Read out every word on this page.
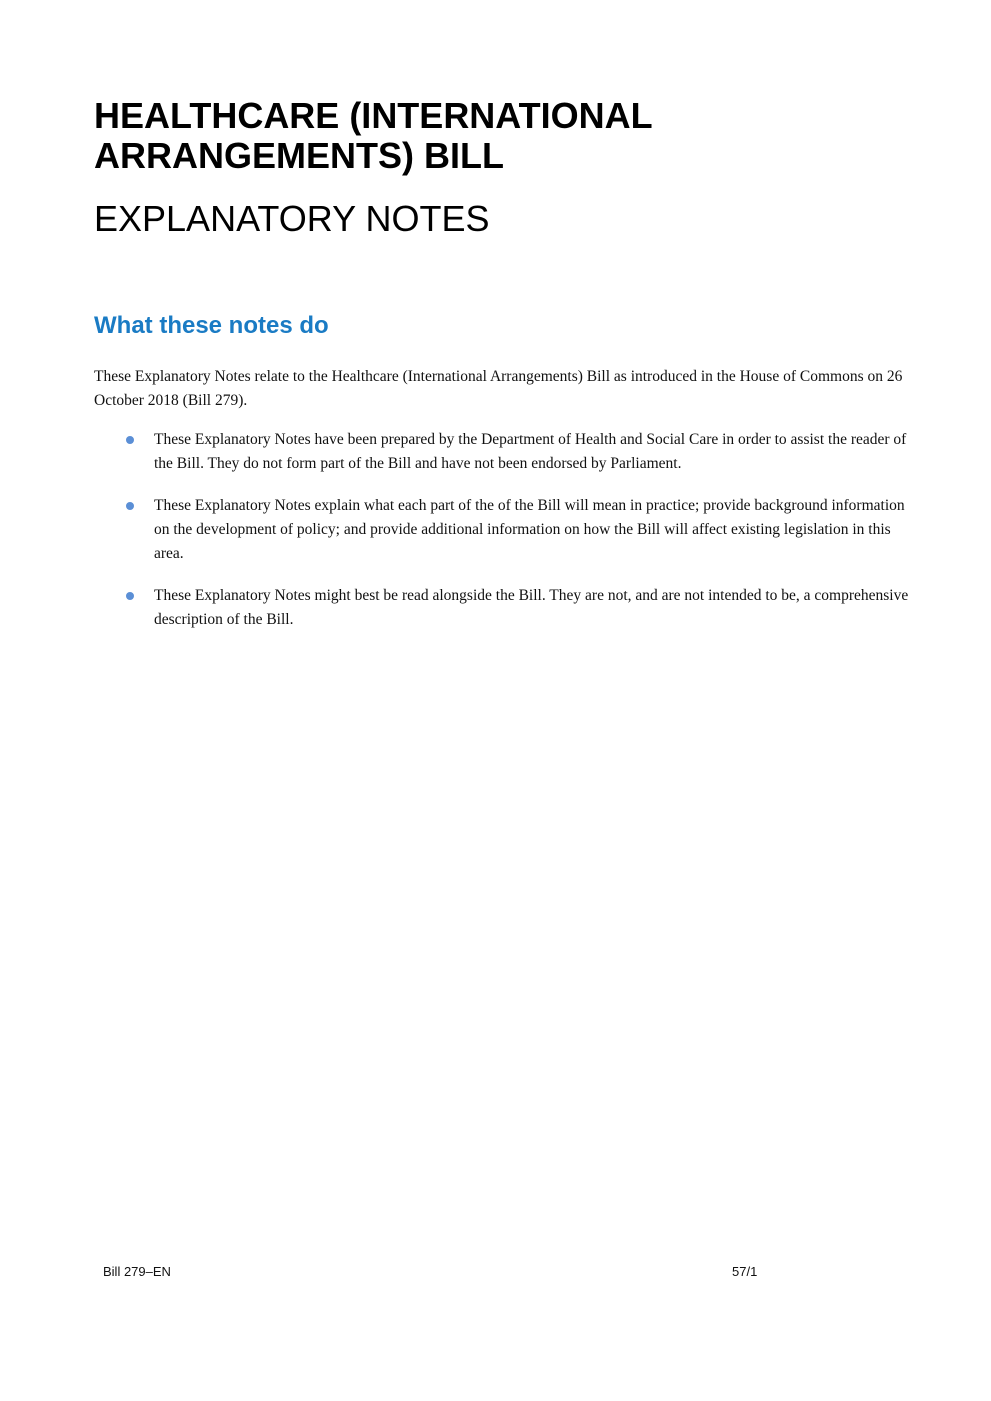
HEALTHCARE (INTERNATIONAL ARRANGEMENTS) BILL
EXPLANATORY NOTES
What these notes do

These Explanatory Notes relate to the Healthcare (International Arrangements) Bill as introduced in the House of Commons on 26 October 2018 (Bill 279).

These Explanatory Notes have been prepared by the Department of Health and Social Care in order to assist the reader of the Bill. They do not form part of the Bill and have not been endorsed by Parliament.
These Explanatory Notes explain what each part of the of the Bill will mean in practice; provide background information on the development of policy; and provide additional information on how the Bill will affect existing legislation in this area.
These Explanatory Notes might best be read alongside the Bill. They are not, and are not intended to be, a comprehensive description of the Bill.

Bill 279–EN	57/1
